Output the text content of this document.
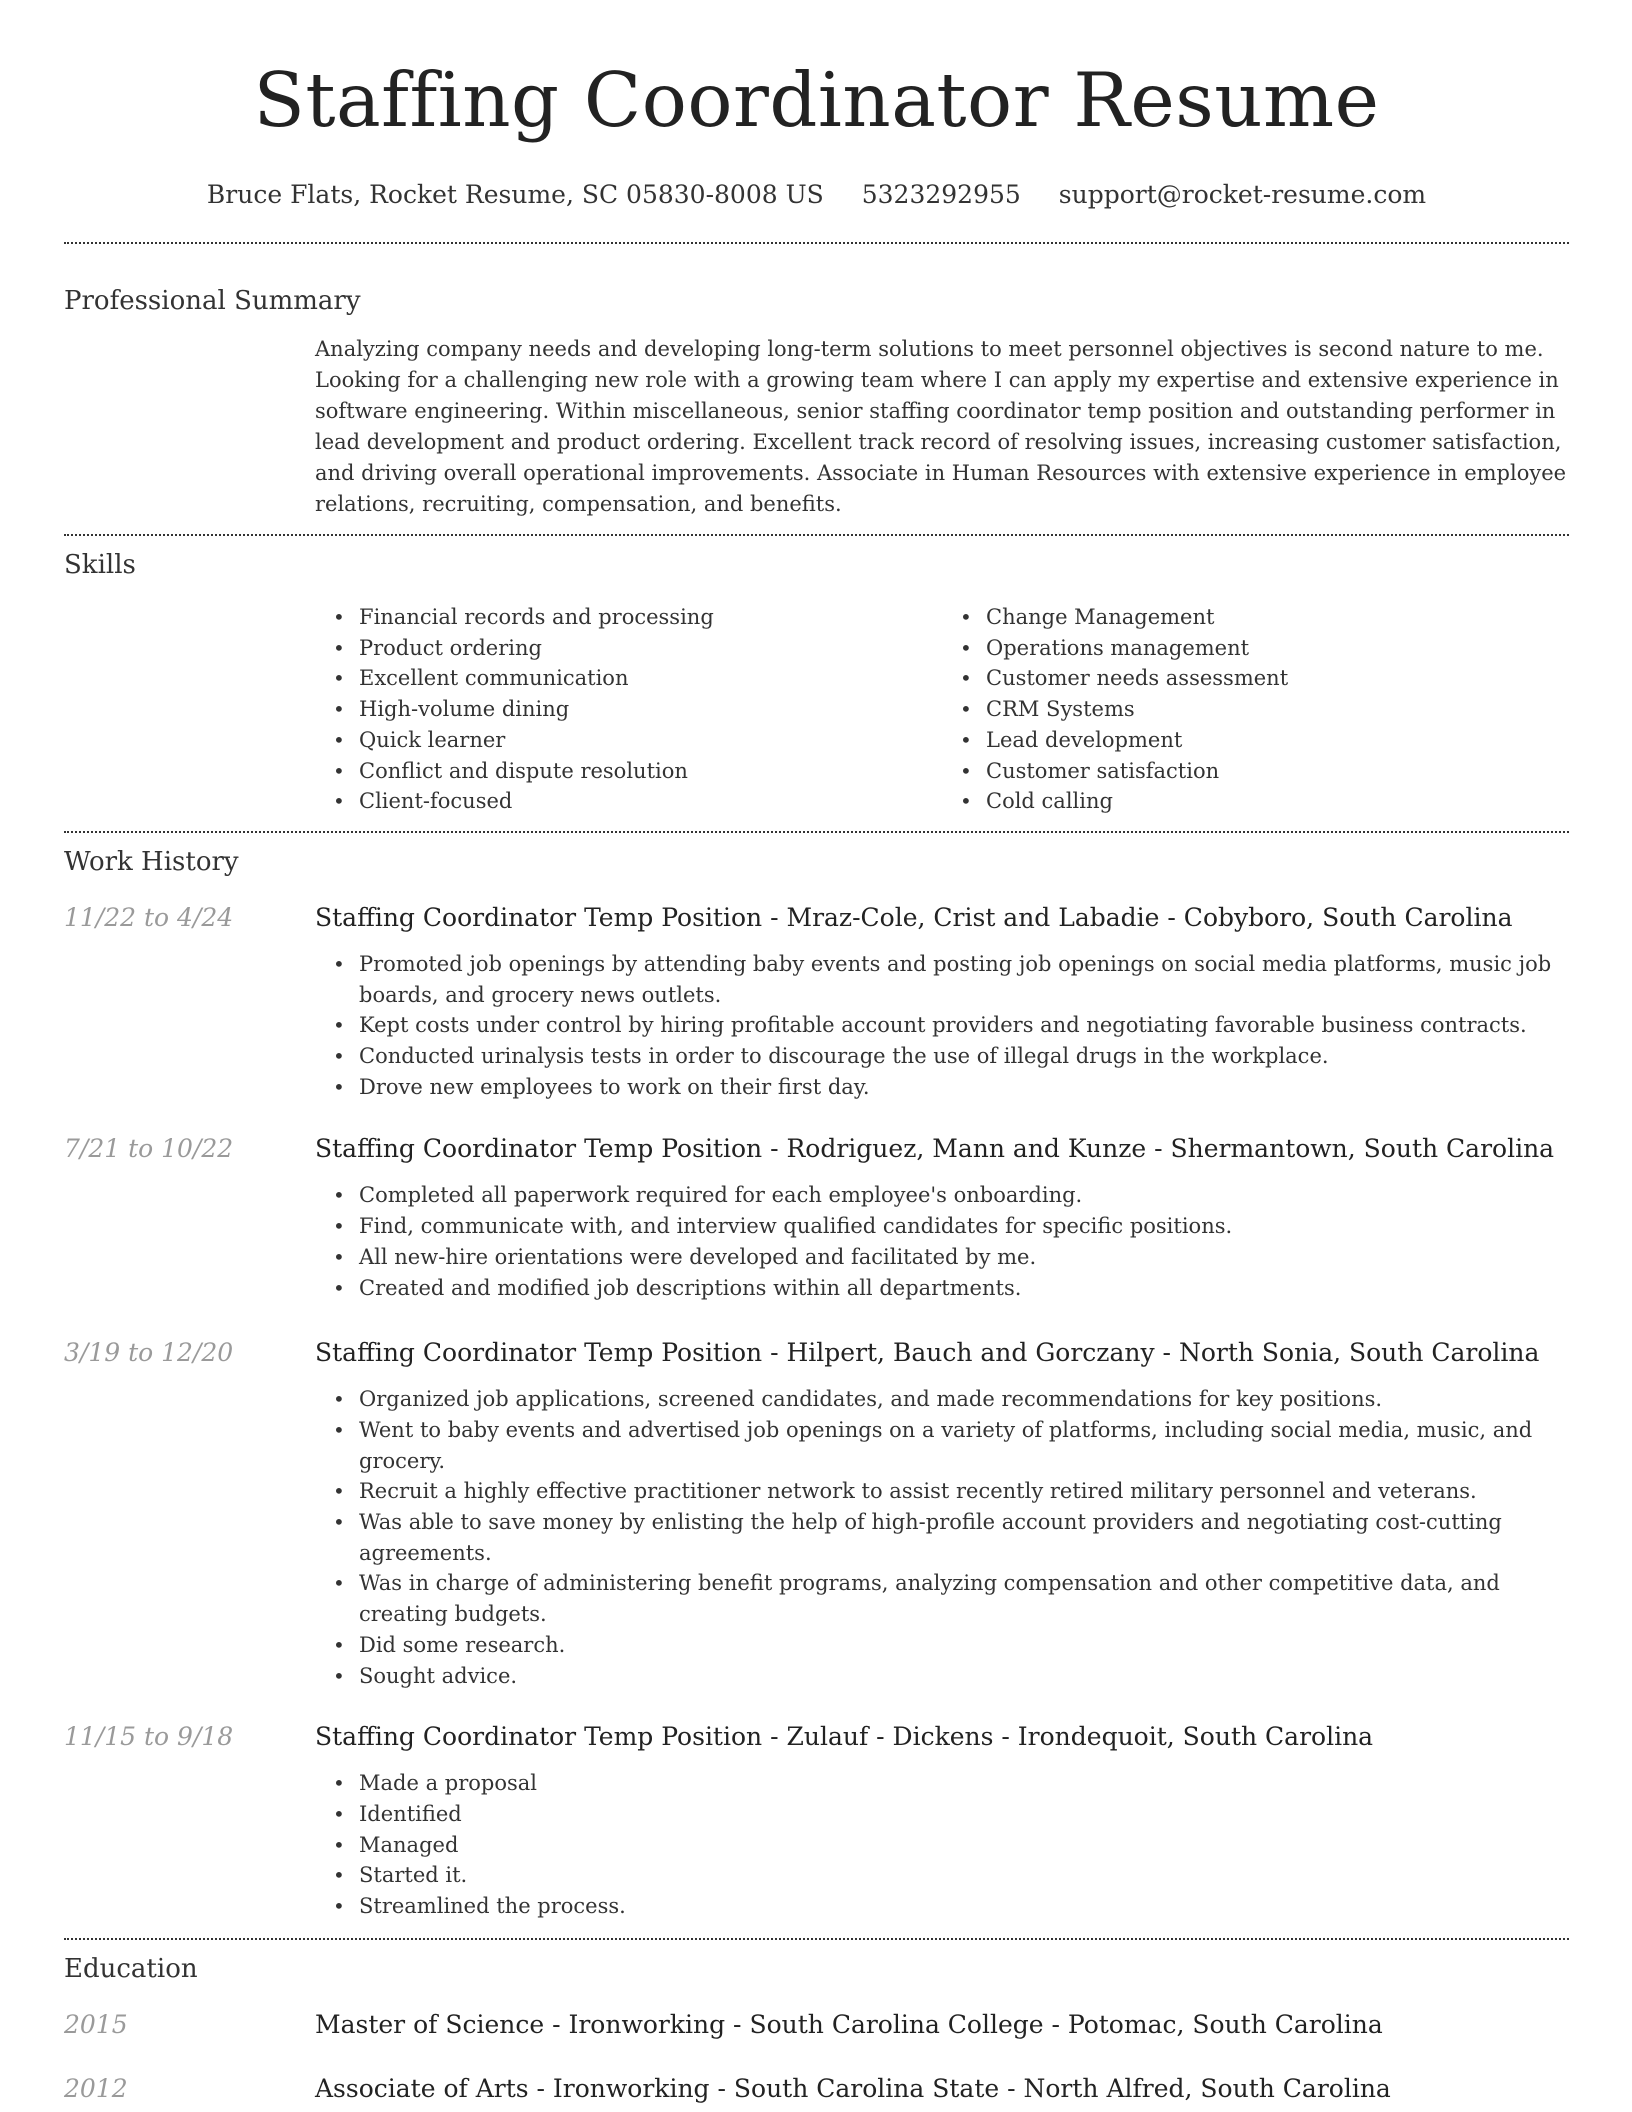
Staffing Coordinator Resume
Bruce Flats, Rocket Resume, SC 05830-8008 US 5323292955 support@rocket-resume.com
Professional Summary

Analyzing company needs and developing long-term solutions to meet personnel objectives is second nature to me. Looking for a challenging new role with a growing team where I can apply my expertise and extensive experience in software engineering. Within miscellaneous, senior staffing coordinator temp position and outstanding performer in lead development and product ordering. Excellent track record of resolving issues, increasing customer satisfaction, and driving overall operational improvements. Associate in Human Resources with extensive experience in employee relations, recruiting, compensation, and benefits.

Skills
• Financial records and processing
• Product ordering
• Excellent communication
• High-volume dining
• Quick learner
• Conflict and dispute resolution
• Client-focused
• Change Management
• Operations management
• Customer needs assessment
• CRM Systems
• Lead development
• Customer satisfaction
• Cold calling
Work History
11/22 to 4/24	Staffing Coordinator Temp Position - Mraz-Cole, Crist and Labadie - Cobyboro, South Carolina
• Promoted job openings by attending baby events and posting job openings on social media platforms, music job boards, and grocery news outlets.
• Kept costs under control by hiring profitable account providers and negotiating favorable business contracts.
• Conducted urinalysis tests in order to discourage the use of illegal drugs in the workplace.
• Drove new employees to work on their first day.
7/21 to 10/22	Staffing Coordinator Temp Position - Rodriguez, Mann and Kunze - Shermantown, South Carolina
• Completed all paperwork required for each employee's onboarding.
• Find, communicate with, and interview qualified candidates for specific positions.
• All new-hire orientations were developed and facilitated by me.
• Created and modified job descriptions within all departments.
3/19 to 12/20	Staffing Coordinator Temp Position - Hilpert, Bauch and Gorczany - North Sonia, South Carolina
• Organized job applications, screened candidates, and made recommendations for key positions.
• Went to baby events and advertised job openings on a variety of platforms, including social media, music, and grocery.
• Recruit a highly effective practitioner network to assist recently retired military personnel and veterans.
• Was able to save money by enlisting the help of high-profile account providers and negotiating cost-cutting agreements.
• Was in charge of administering benefit programs, analyzing compensation and other competitive data, and creating budgets.
• Did some research.
• Sought advice.
11/15 to 9/18	Staffing Coordinator Temp Position - Zulauf - Dickens - Irondequoit, South Carolina
• Made a proposal
• Identified
• Managed
• Started it.
• Streamlined the process.
Education
2015	Master of Science - Ironworking - South Carolina College - Potomac, South Carolina
2012	Associate of Arts - Ironworking - South Carolina State - North Alfred, South Carolina
